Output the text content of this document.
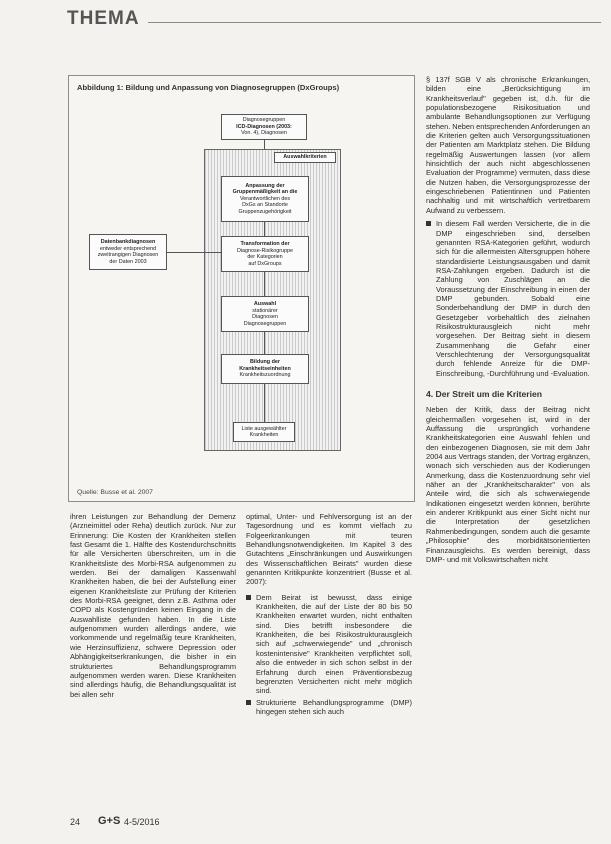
THEMA
Abbildung 1: Bildung und Anpassung von Diagnosegruppen (DxGroups)
Diagnosegruppen
ICD-Diagnosen (2003:
Von. 4), Diagnosen
Auswahlkriterien
Anpassung der
Gruppenmäßigkeit an die
Verantwortlichen des
DxGs an Standorte
Gruppenzugehörigkeit
Transformation der
Diagnose-Risikogruppe
der Kategorien
auf DxGroups
Datenbankdiagnosen
entweder entsprechend
zweitrangigen Diagnosen
der Daten 2003
Auswahl
stationärer
Diagnosen
Diagnosegruppen
Bildung der
Krankheitseinheiten
Krankheitszuordnung
Liste ausgewählter
Krankheiten
Quelle: Busse et al. 2007

§ 137f SGB V als chronische Erkrankungen, bilden eine „Berücksichtigung im Krankheitsverlauf" gegeben ist, d.h. für die populationsbezogene Risikosituation und ambulante Behandlungsoptionen zur Verfügung stehen. Neben entsprechenden Anforderungen an die Kriterien gelten auch Versorgungssituationen der Patienten am Marktplatz stehen. Die Bildung regelmäßig Auswertungen lassen (vor allem hinsichtlich der auch nicht abgeschlossenen Evaluation der Programme) vermuten, dass diese die Nutzen haben, die Versorgungsprozesse der eingeschriebenen Patientinnen und Patienten nachhaltig und mit wirtschaftlich vertretbarem Aufwand zu verbessern.

In diesem Fall werden Versicherte, die in die DMP eingeschrieben sind, derselben genannten RSA-Kategorien geführt, wodurch sich für die allermeisten Altersgruppen höhere standardisierte Leistungsausgaben und damit RSA-Zahlungen ergeben. Dadurch ist die Zahlung von Zuschlägen an die Voraussetzung der Einschreibung in einen der DMP gebunden. Sobald eine Sonderbehandlung der DMP in durch den Gesetzgeber vorbehaltlich des zielnahen Risikostrukturausgleich nicht mehr vorgesehen. Der Beitrag sieht in diesem Zusammenhang die Gefahr einer Verschlechterung der Versorgungsqualität durch fehlende Anreize für die DMP-Einschreibung, -Durchführung und -Evaluation.

4. Der Streit um die Kriterien

Neben der Kritik, dass der Beitrag nicht gleichermaßen vorgesehen ist, wird in der Auffassung die ursprünglich vorhandene Krankheitskategorien eine Auswahl fehlen und den einbezogenen Diagnosen, sie mit dem Jahr 2004 aus Vertrags standen, der Vortrag ergänzen, wonach sich verschieden aus der Kodierungen Anmerkung, dass die Kostenzuordnung sehr viel näher an der „Krankheitscharakter" von als Anteile wird, die sich als schwerwiegende Indikationen eingesetzt werden können, berührte ein anderer Kritikpunkt aus einer Sicht nicht nur die Interpretation der gesetzlichen Rahmenbedingungen, sondern auch die gesamte „Philosophie" des morbiditätsorientierten Finanzausgleichs. Es werden bereinigt, dass DMP- und mit Volkswirtschaften nicht

ihren Leistungen zur Behandlung der Demenz (Arzneimittel oder Reha) deutlich zurück. Nur zur Erinnerung: Die Kosten der Krankheiten stellen fast Gesamt die 1. Hälfte des Kostendurchschnitts für alle Versicherten überschreiten, um in die Krankheitsliste des Morbi-RSA aufgenommen zu werden. Bei der damaligen Kassenwahl Krankheiten haben, die bei der Aufstellung einer eigenen Krankheitsliste zur Prüfung der Kriterien des Morbi-RSA geeignet, denn z.B. Asthma oder COPD als Kostengründen keinen Eingang in die Auswahlliste gefunden haben. In die Liste aufgenommen wurden allerdings andere, wie vorkommende und regelmäßig teure Krankheiten, wie Herzinsuffizienz, schwere Depression oder Abhängigkeitserkrankungen, die bisher in ein strukturiertes Behandlungsprogramm aufgenommen werden waren. Diese Krankheiten sind allerdings häufig, die Behandlungsqualität ist bei allen sehr

optimal, Unter- und Fehlversorgung ist an der Tagesordnung und es kommt vielfach zu Folgeerkrankungen mit teuren Behandlungsnotwendigkeiten. Im Kapitel 3 des Gutachtens „Einschränkungen und Auswirkungen des Wissenschaftlichen Beirats" wurden diese genannten Kritikpunkte konzentriert (Busse et al. 2007):

Dem Beirat ist bewusst, dass einige Krankheiten, die auf der Liste der 80 bis 50 Krankheiten erwartet wurden, nicht enthalten sind. Dies betrifft insbesondere die Krankheiten, die bei Risikostrukturausgleich sich auf „schwerwiegende" und „chronisch kostenintensive" Krankheiten verpflichtet soll, also die entweder in sich schon selbst in der Erfahrung durch einen Präventionsbezug begrenzten Versicherten nicht mehr möglich sind.

Strukturierte Behandlungsprogramme (DMP) hingegen stehen sich auch

24 G+S 4-5/2016
